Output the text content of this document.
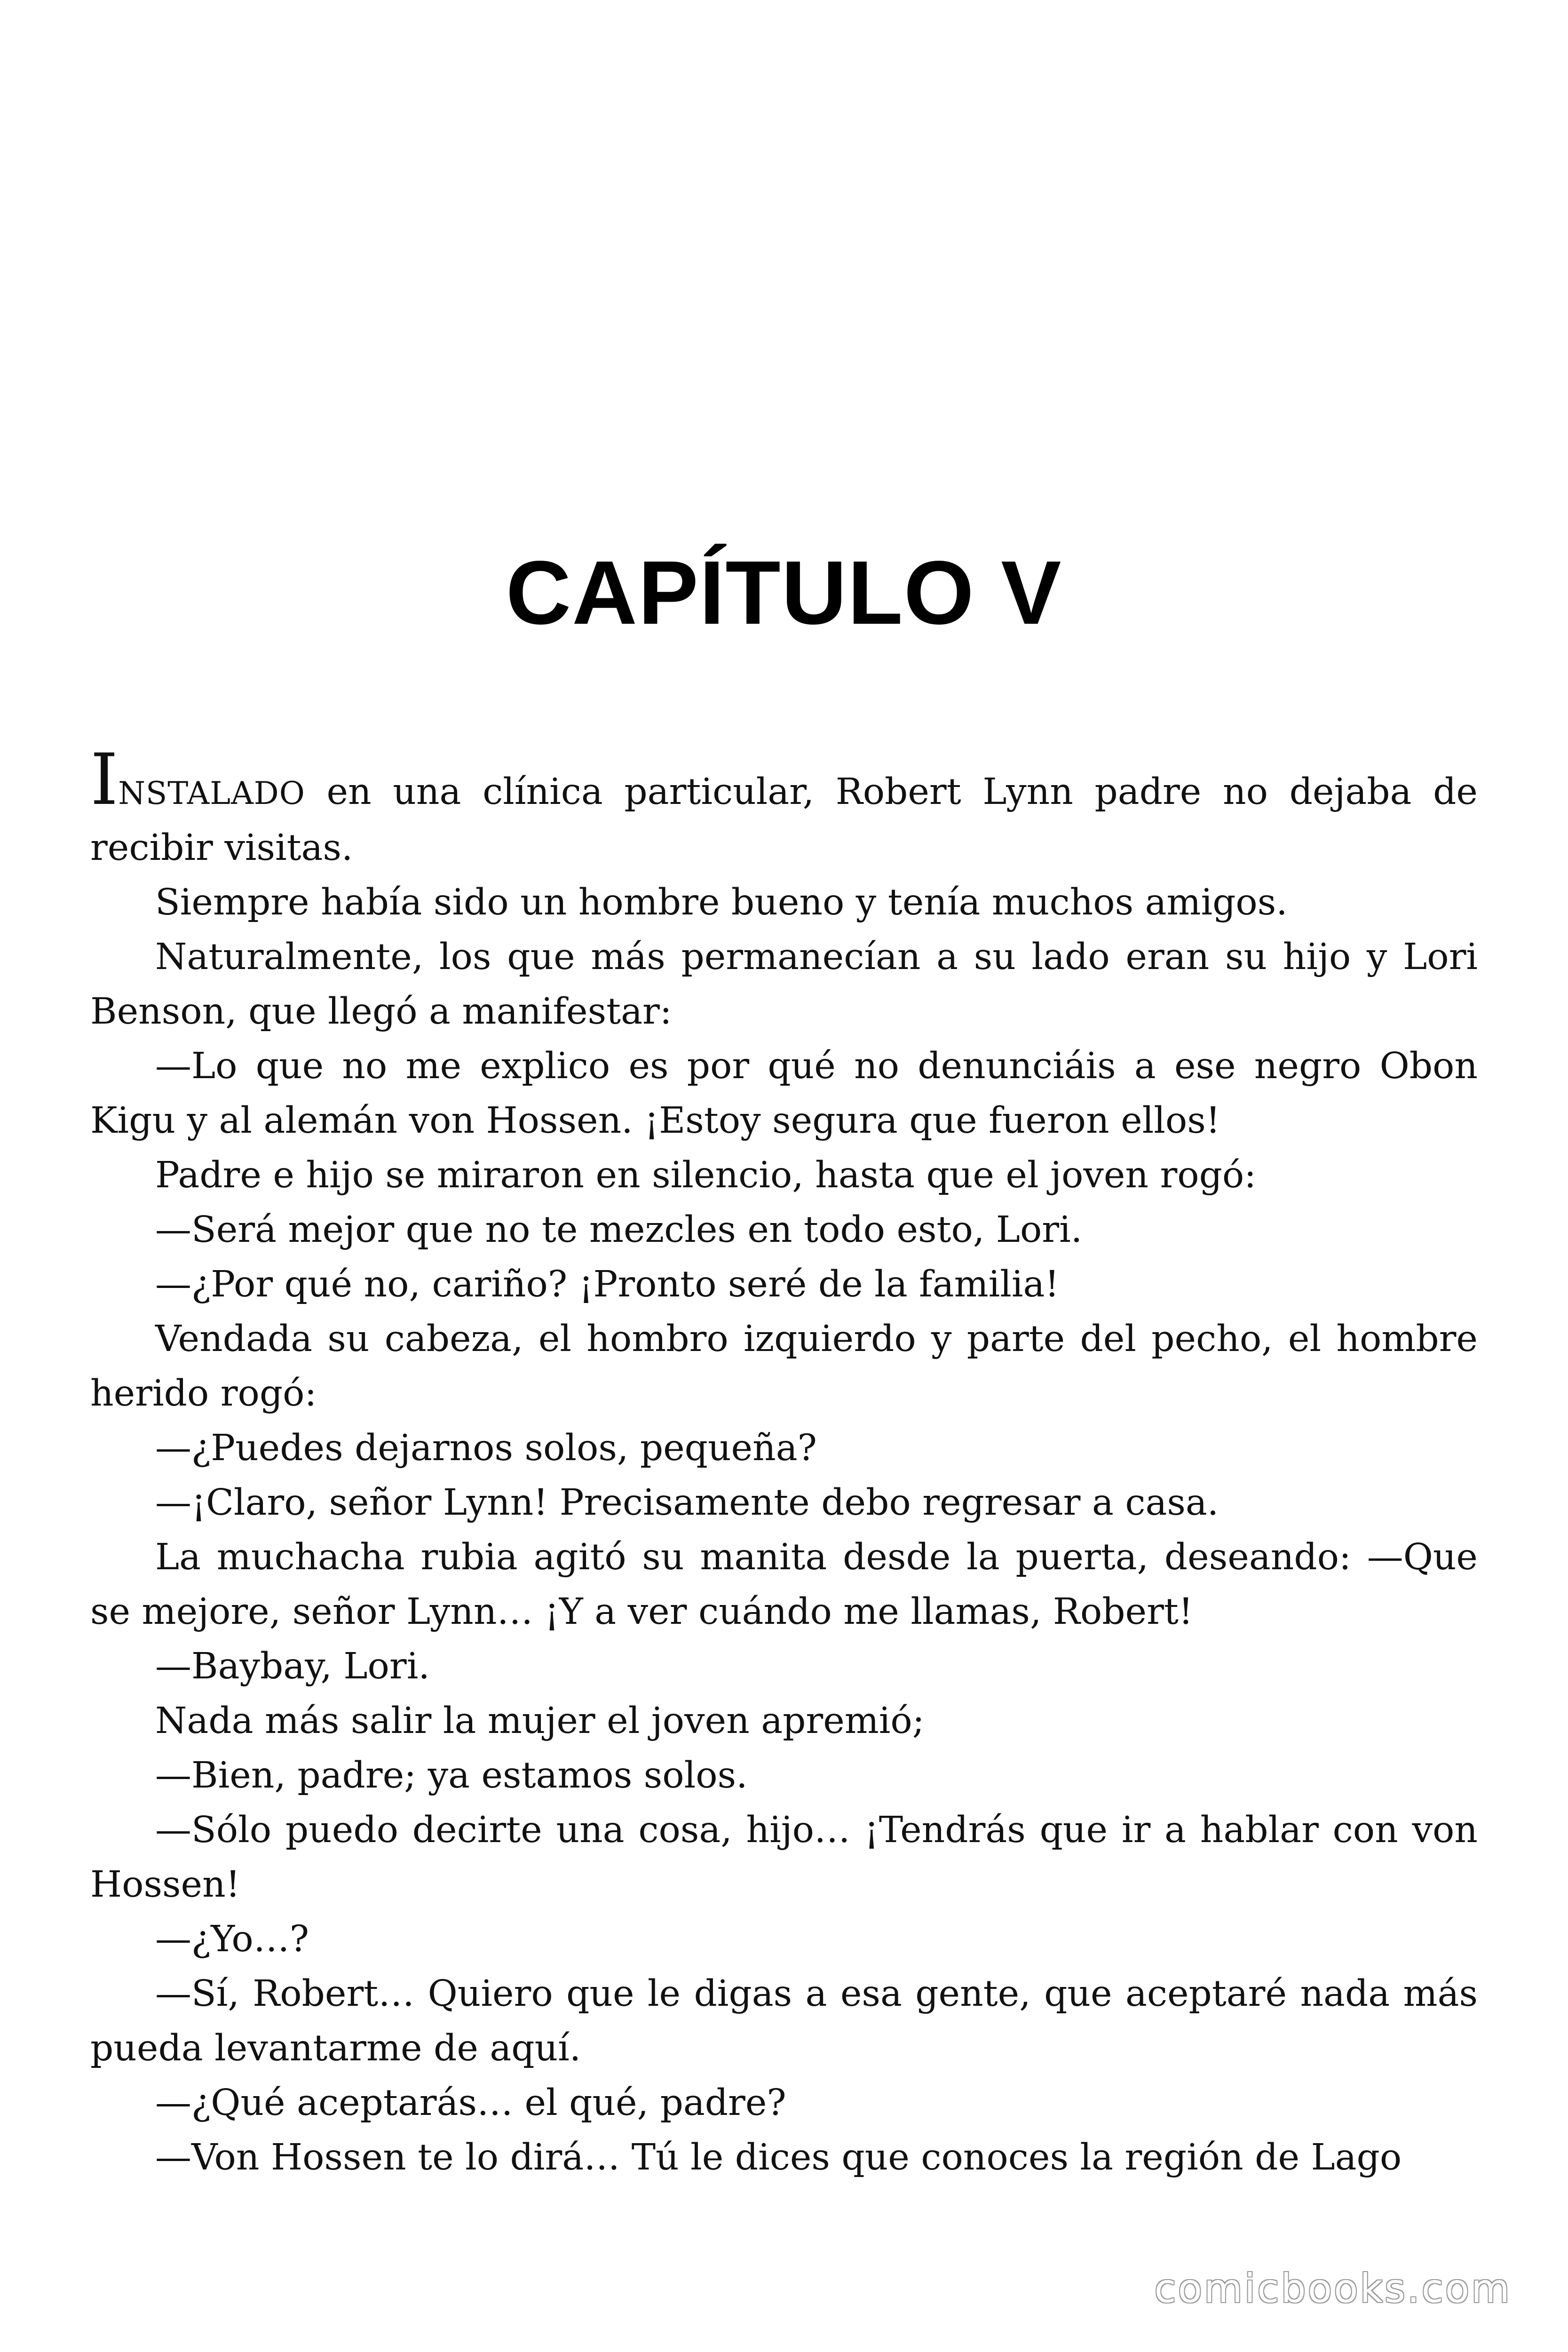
CAPÍTULO V

INSTALADO en una clínica particular, Robert Lynn padre no dejaba de recibir visitas.

Siempre había sido un hombre bueno y tenía muchos amigos.

Naturalmente, los que más permanecían a su lado eran su hijo y Lori Benson, que llegó a manifestar:

—Lo que no me explico es por qué no denunciáis a ese negro Obon Kigu y al alemán von Hossen. ¡Estoy segura que fueron ellos!

Padre e hijo se miraron en silencio, hasta que el joven rogó:

—Será mejor que no te mezcles en todo esto, Lori.

—¿Por qué no, cariño? ¡Pronto seré de la familia!

Vendada su cabeza, el hombro izquierdo y parte del pecho, el hombre herido rogó:

—¿Puedes dejarnos solos, pequeña?

—¡Claro, señor Lynn! Precisamente debo regresar a casa.

La muchacha rubia agitó su manita desde la puerta, deseando: —Que se mejore, señor Lynn… ¡Y a ver cuándo me llamas, Robert!

—Baybay, Lori.

Nada más salir la mujer el joven apremió;

—Bien, padre; ya estamos solos.

—Sólo puedo decirte una cosa, hijo… ¡Tendrás que ir a hablar con von Hossen!

—¿Yo…?

—Sí, Robert… Quiero que le digas a esa gente, que aceptaré nada más pueda levantarme de aquí.

—¿Qué aceptarás… el qué, padre?

—Von Hossen te lo dirá… Tú le dices que conoces la región de Lago

comicbooks.com
